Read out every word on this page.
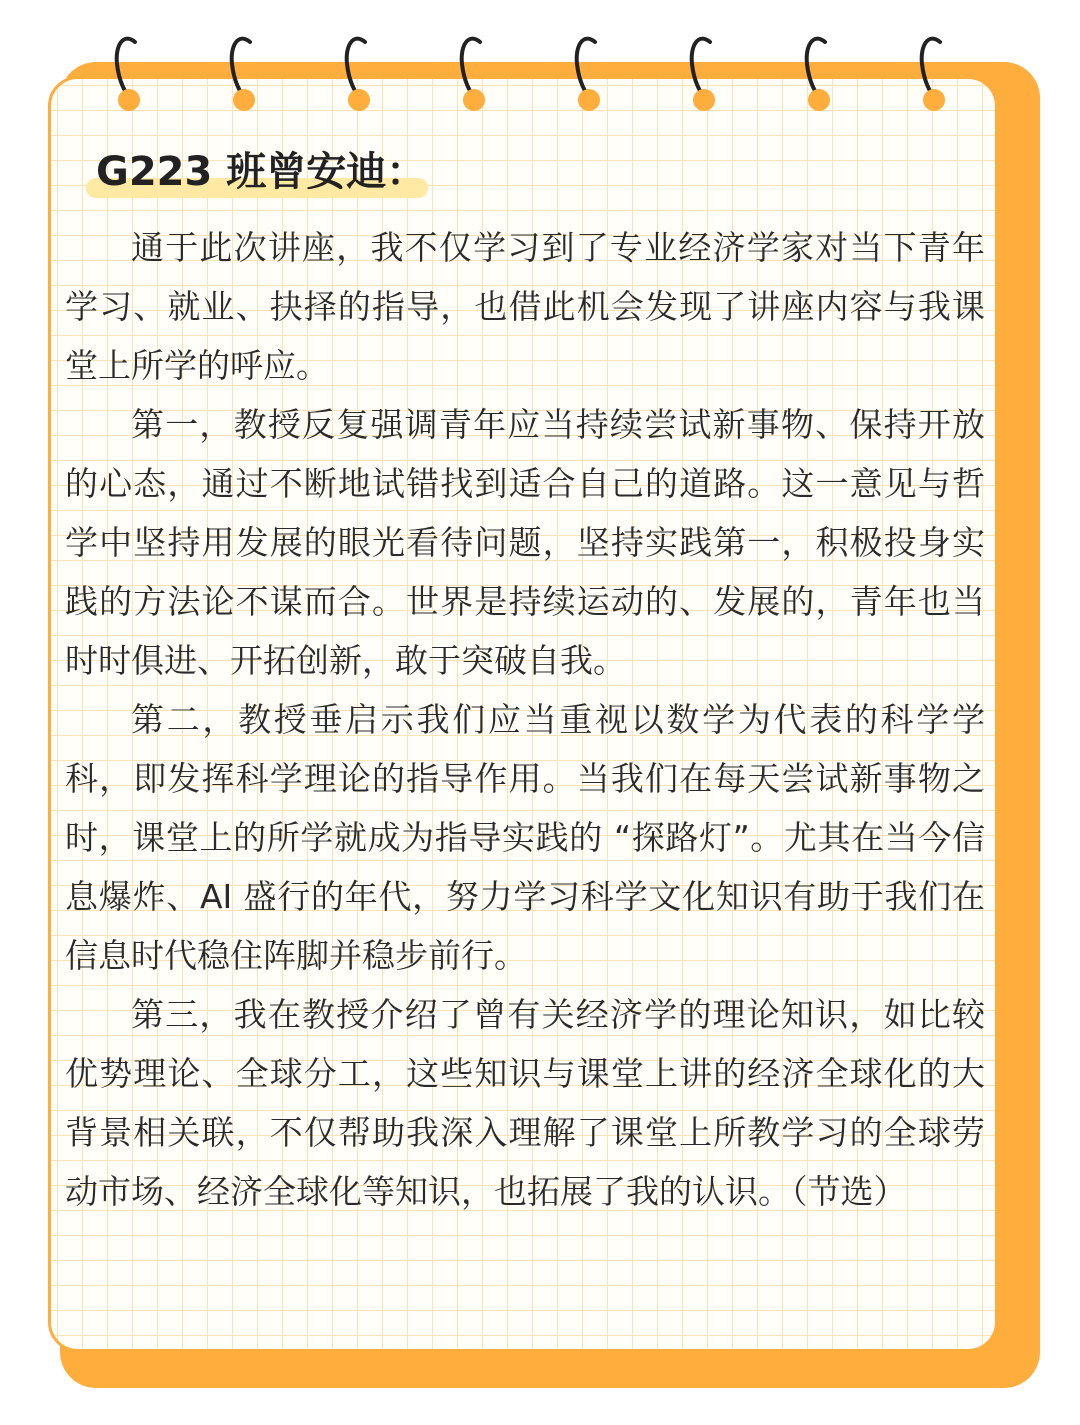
G223 班曾安迪：

通于此次讲座，我不仅学习到了专业经济学家对当下青年学习、就业、抉择的指导，也借此机会发现了讲座内容与我课堂上所学的呼应。

第一，教授反复强调青年应当持续尝试新事物、保持开放的心态，通过不断地试错找到适合自己的道路。这一意见与哲学中坚持用发展的眼光看待问题，坚持实践第一，积极投身实践的方法论不谋而合。世界是持续运动的、发展的，青年也当时时俱进、开拓创新，敢于突破自我。

第二，教授垂启示我们应当重视以数学为代表的科学学科，即发挥科学理论的指导作用。当我们在每天尝试新事物之时，课堂上的所学就成为指导实践的 “探路灯”。尤其在当今信息爆炸、AI 盛行的年代，努力学习科学文化知识有助于我们在信息时代稳住阵脚并稳步前行。

第三，我在教授介绍了曾有关经济学的理论知识，如比较优势理论、全球分工，这些知识与课堂上讲的经济全球化的大背景相关联，不仅帮助我深入理解了课堂上所教学习的全球劳动市场、经济全球化等知识，也拓展了我的认识。（节选）
